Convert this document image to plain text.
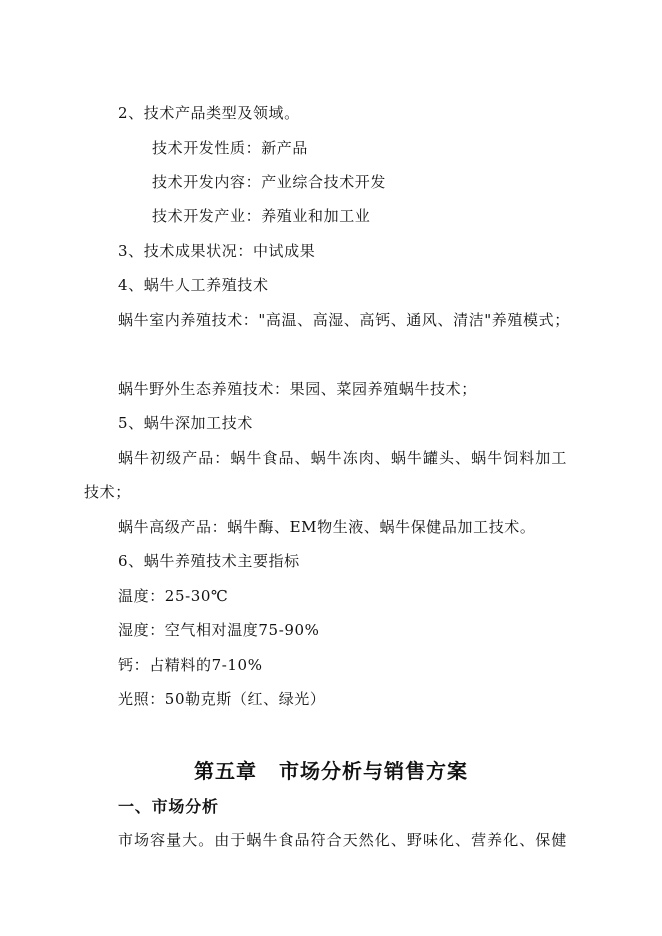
2、技术产品类型及领域。
技术开发性质：新产品
技术开发内容：产业综合技术开发
技术开发产业：养殖业和加工业
3、技术成果状况：中试成果
4、蜗牛人工养殖技术
蜗牛室内养殖技术："高温、高湿、高钙、通风、清洁"养殖模式；
蜗牛野外生态养殖技术：果园、菜园养殖蜗牛技术；
5、蜗牛深加工技术
蜗牛初级产品：蜗牛食品、蜗牛冻肉、蜗牛罐头、蜗牛饲料加工
技术；
蜗牛高级产品：蜗牛酶、EM物生液、蜗牛保健品加工技术。
6、蜗牛养殖技术主要指标
温度：25-30℃
湿度：空气相对温度75-90%
钙：占精料的7-10%
光照：50勒克斯（红、绿光）
第五章 市场分析与销售方案
一、市场分析
市场容量大。由于蜗牛食品符合天然化、野味化、营养化、保健
